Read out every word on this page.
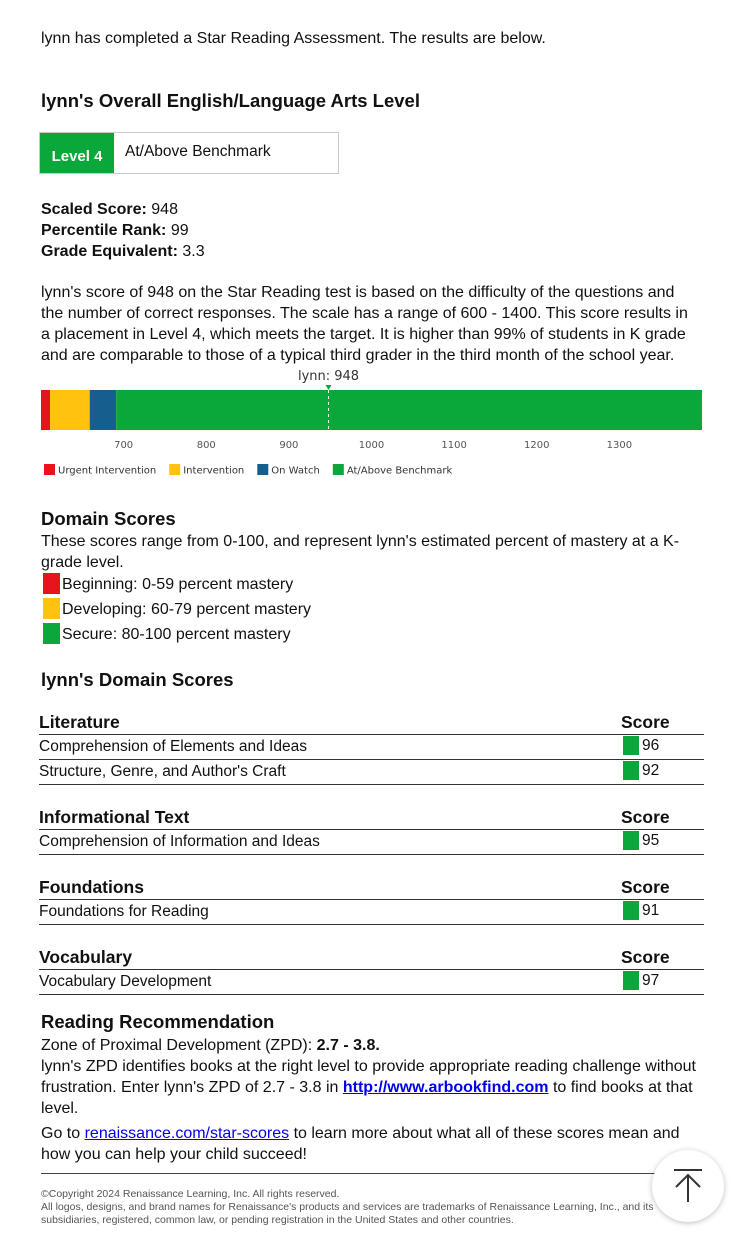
lynn has completed a Star Reading Assessment. The results are below.
lynn's Overall English/Language Arts Level
Level 4	At/Above Benchmark
Scaled Score: 948
Percentile Rank: 99
Grade Equivalent: 3.3
lynn's score of 948 on the Star Reading test is based on the difficulty of the questions and the number of correct responses. The scale has a range of 600 - 1400. This score results in a placement in Level 4, which meets the target. It is higher than 99% of students in K grade and are comparable to those of a typical third grader in the third month of the school year.
lynn: 948
700	800	900	1000	1100	1200	1300
Urgent Intervention	Intervention	On Watch	At/Above Benchmark
Domain Scores
These scores range from 0-100, and represent lynn's estimated percent of mastery at a K-grade level.
Beginning: 0-59 percent mastery
Developing: 60-79 percent mastery
Secure: 80-100 percent mastery
lynn's Domain Scores
Literature	Score
Comprehension of Elements and Ideas	96
Structure, Genre, and Author's Craft	92
Informational Text	Score
Comprehension of Information and Ideas	95
Foundations	Score
Foundations for Reading	91
Vocabulary	Score
Vocabulary Development	97
Reading Recommendation
Zone of Proximal Development (ZPD): 2.7 - 3.8.
lynn's ZPD identifies books at the right level to provide appropriate reading challenge without frustration. Enter lynn's ZPD of 2.7 - 3.8 in http://www.arbookfind.com to find books at that level.
Go to renaissance.com/star-scores to learn more about what all of these scores mean and how you can help your child succeed!
©Copyright 2024 Renaissance Learning, Inc. All rights reserved.
All logos, designs, and brand names for Renaissance's products and services are trademarks of Renaissance Learning, Inc., and its subsidiaries, registered, common law, or pending registration in the United States and other countries.
